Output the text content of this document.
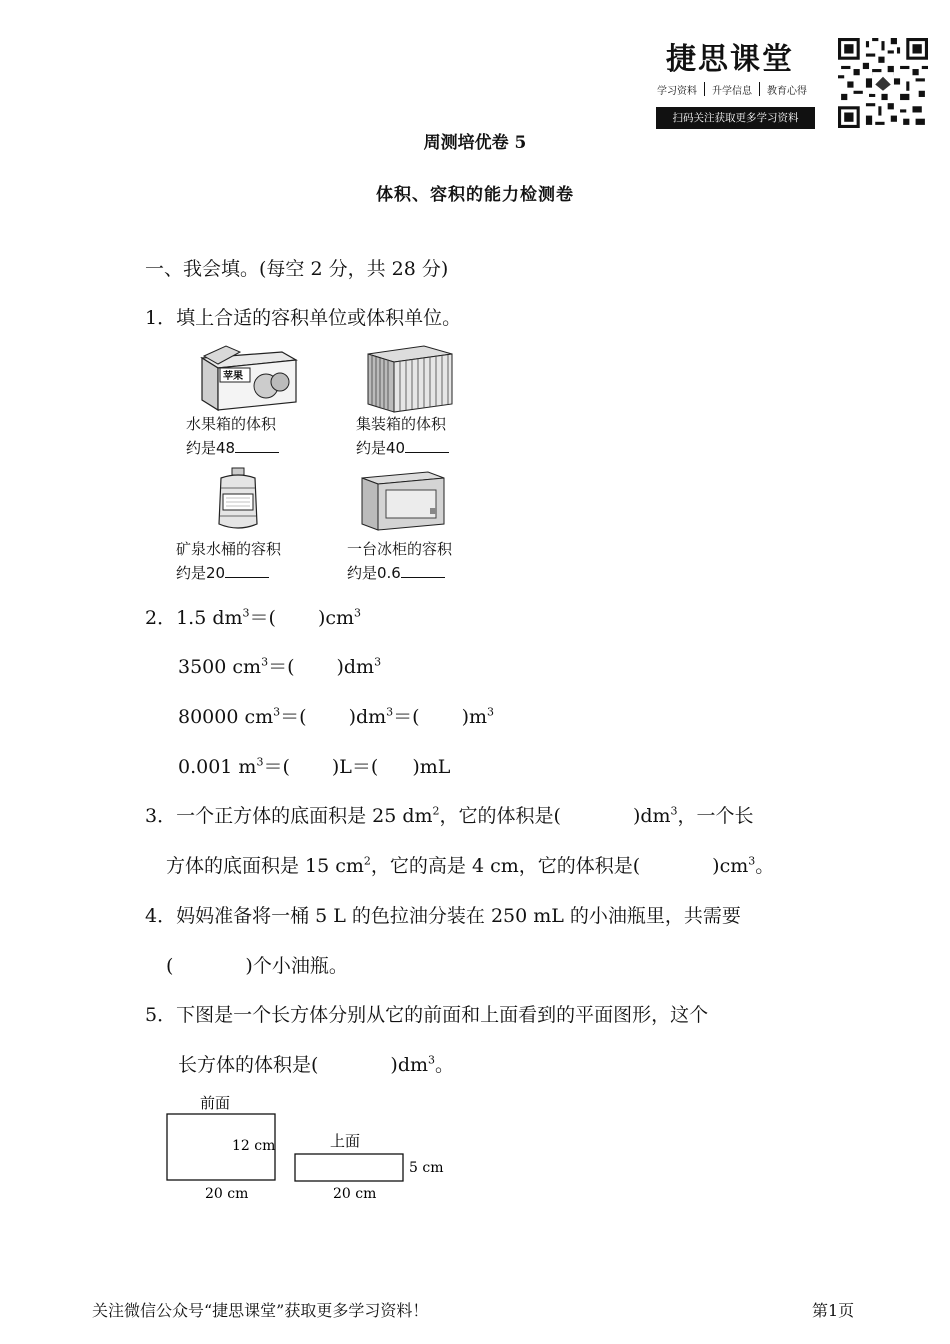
捷思课堂
学习资料 升学信息 教育心得
扫码关注获取更多学习资料
周测培优卷 5
体积、容积的能力检测卷
一、我会填。(每空 2 分，共 28 分)
1．填上合适的容积单位或体积单位。
苹果
水果箱的体积
约是48
集装箱的体积
约是40
矿泉水桶的容积
约是20
一台冰柜的容积
约是0.6
2．1.5 $dm^3=$( )$cm^3$
3500 $cm^3=$( )$dm^3$
80000 $cm^3=$( )$dm^3=$( )$m^3$
0.001 $m^3=$( )L＝( )mL
3．一个正方体的底面积是 25 $dm^2$，它的体积是(	)$dm^3$，一个长
方体的底面积是 15 $cm^2$，它的高是 4 cm，它的体积是(	)$cm^3$。
4．妈妈准备将一桶 5 L 的色拉油分装在 250 mL 的小油瓶里，共需要
(	)个小油瓶。
5．下图是一个长方体分别从它的前面和上面看到的平面图形，这个
长方体的体积是(	)$dm^3$。
前面
12 cm
20 cm
上面
5 cm
20 cm
关注微信公众号“捷思课堂”获取更多学习资料！	第1页
